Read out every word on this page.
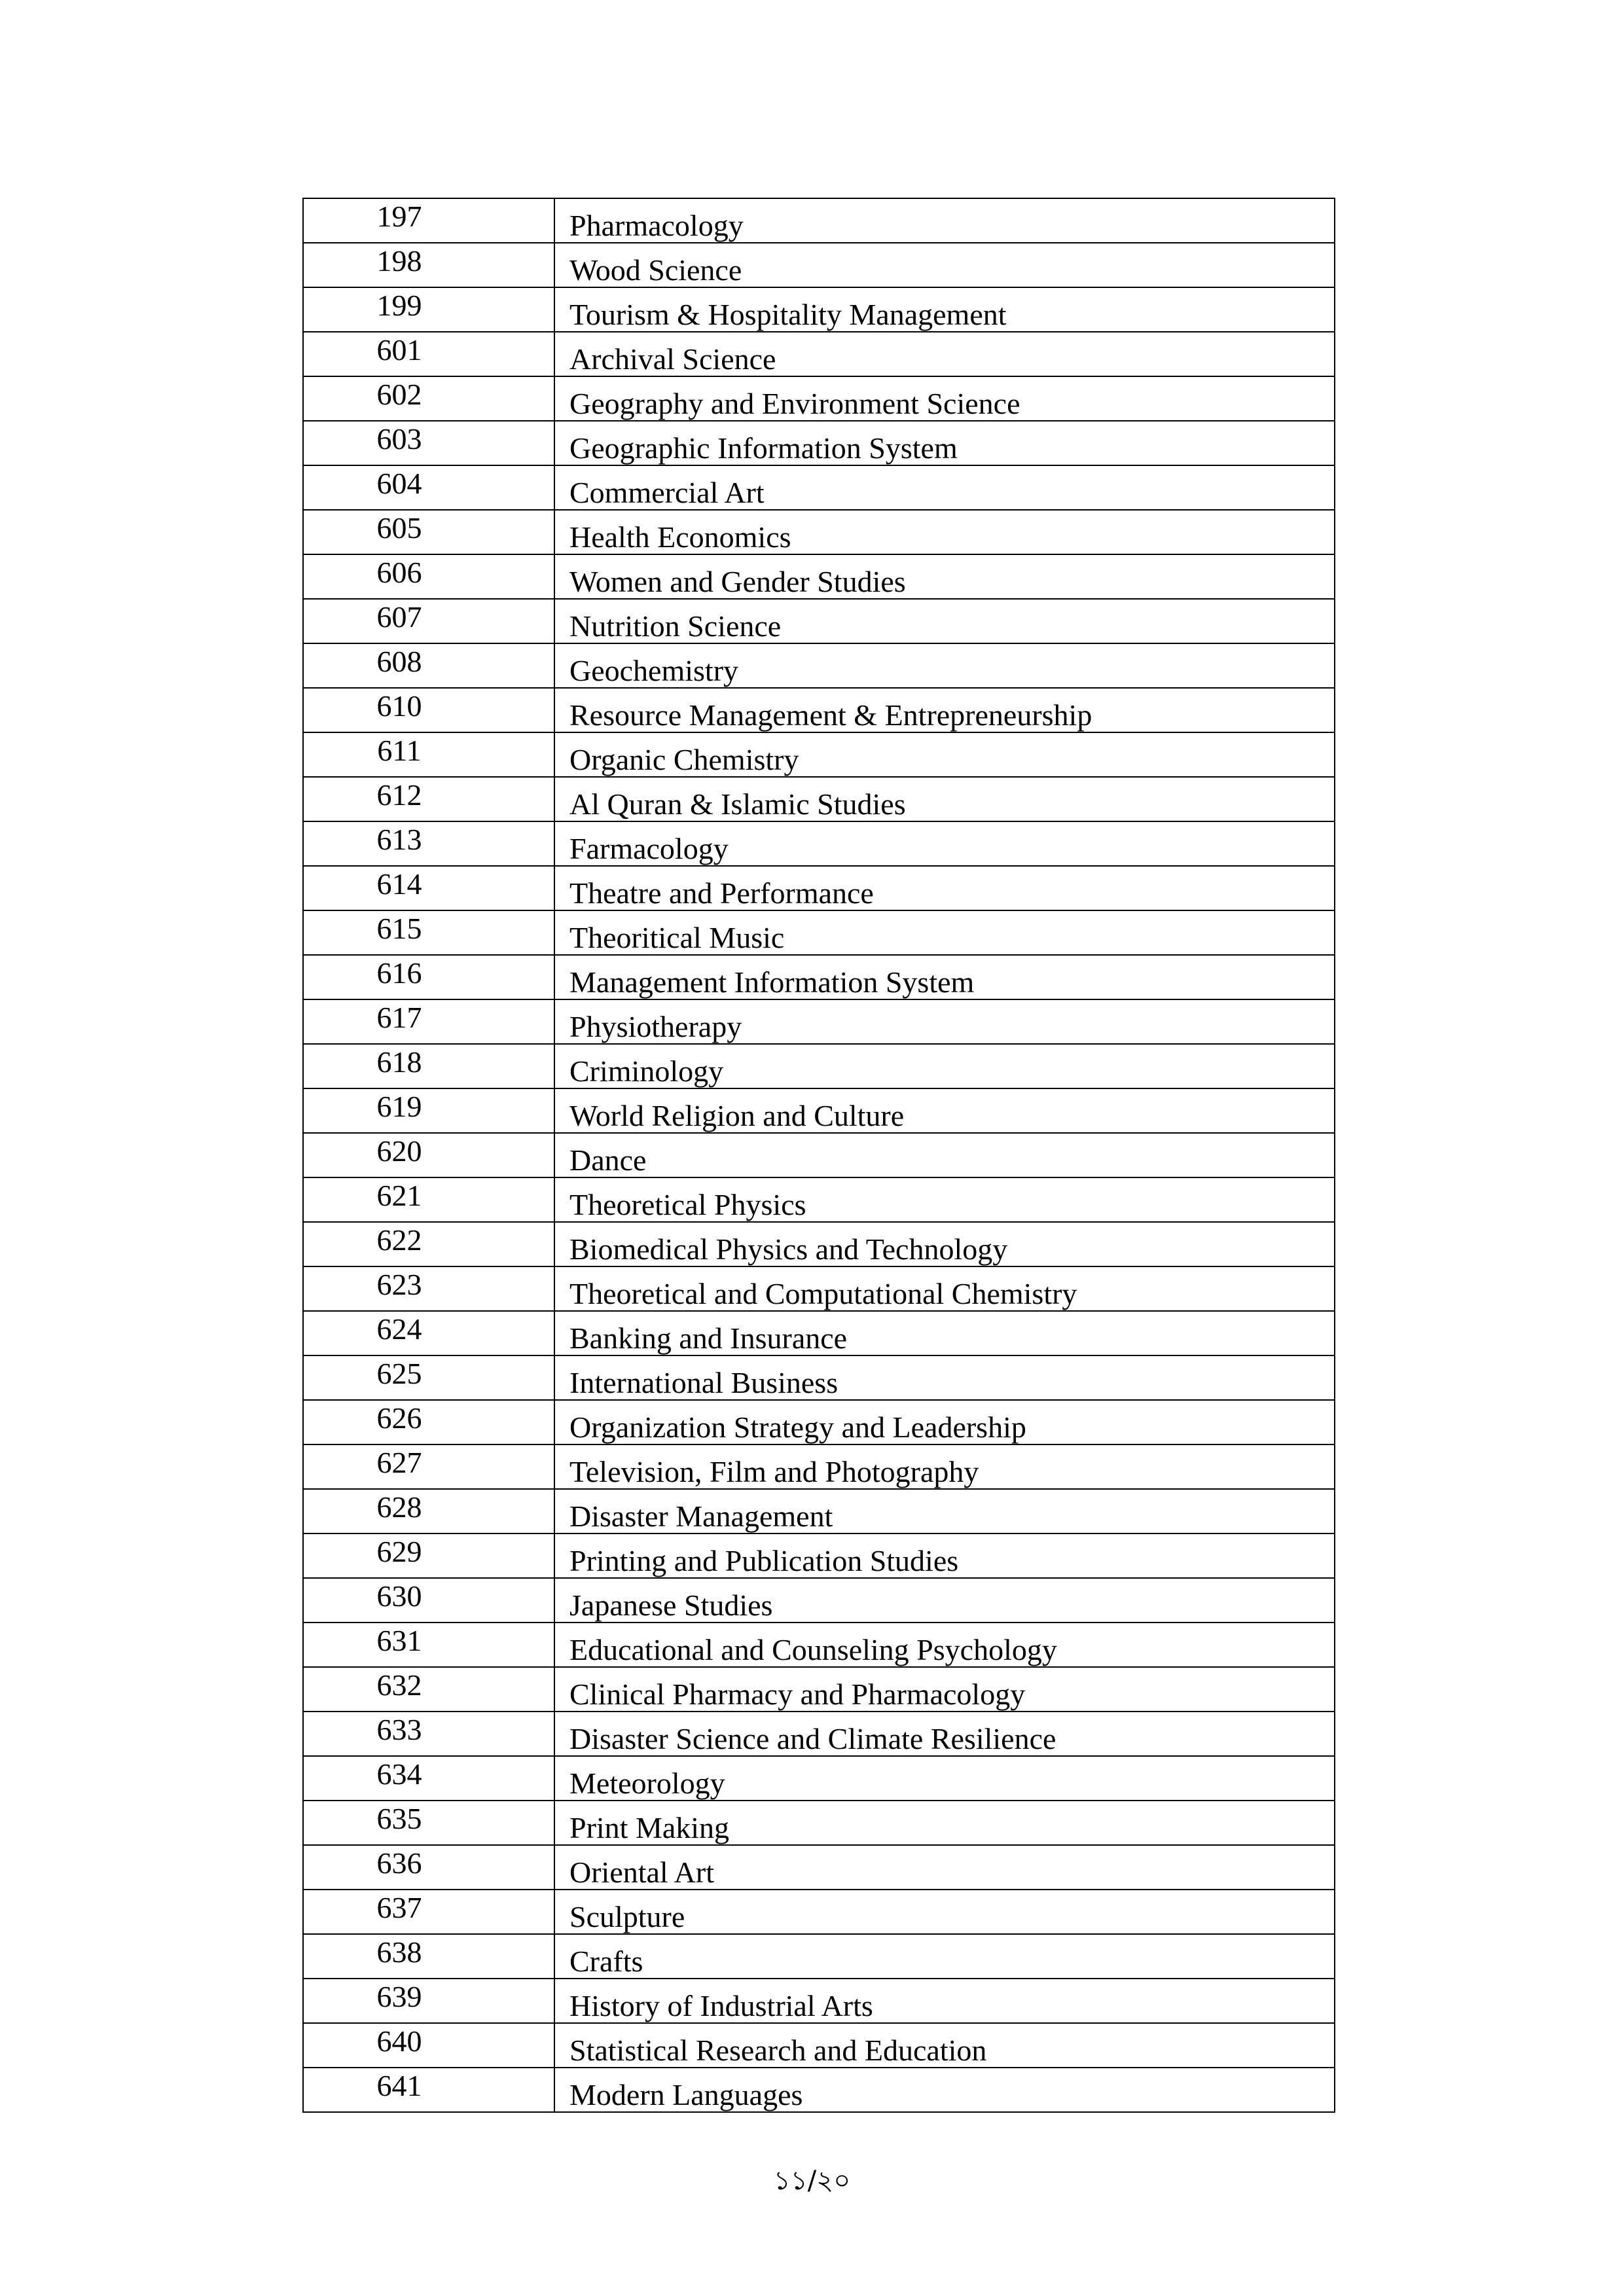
197	Pharmacology
198	Wood Science
199	Tourism & Hospitality Management
601	Archival Science
602	Geography and Environment Science
603	Geographic Information System
604	Commercial Art
605	Health Economics
606	Women and Gender Studies
607	Nutrition Science
608	Geochemistry
610	Resource Management & Entrepreneurship
611	Organic Chemistry
612	Al Quran & Islamic Studies
613	Farmacology
614	Theatre and Performance
615	Theoritical Music
616	Management Information System
617	Physiotherapy
618	Criminology
619	World Religion and Culture
620	Dance
621	Theoretical Physics
622	Biomedical Physics and Technology
623	Theoretical and Computational Chemistry
624	Banking and Insurance
625	International Business
626	Organization Strategy and Leadership
627	Television, Film and Photography
628	Disaster Management
629	Printing and Publication Studies
630	Japanese Studies
631	Educational and Counseling Psychology
632	Clinical Pharmacy and Pharmacology
633	Disaster Science and Climate Resilience
634	Meteorology
635	Print Making
636	Oriental Art
637	Sculpture
638	Crafts
639	History of Industrial Arts
640	Statistical Research and Education
641	Modern Languages
১১/২০
